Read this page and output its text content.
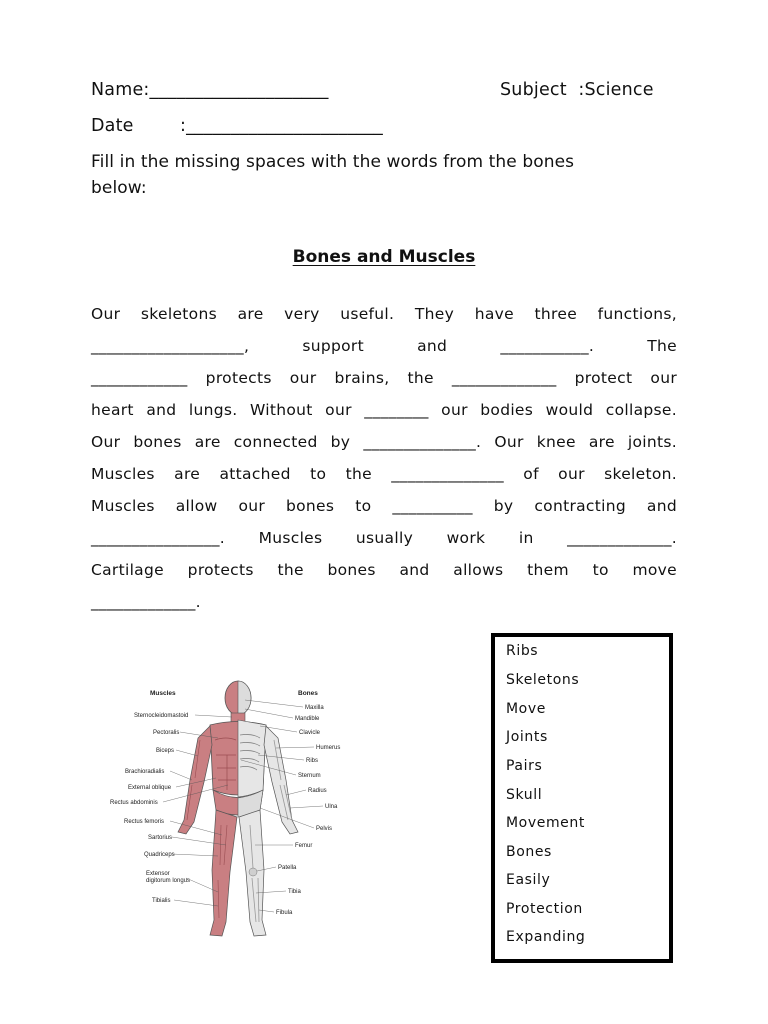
Name:____________________	Subject  :Science
Date	:______________________
Fill in the missing spaces with the words from the bones
below:
Bones and Muscles
Our skeletons are very useful. They have three functions,
___________________, support and ___________. The
____________ protects our brains, the _____________ protect our
heart and lungs. Without our ________ our bodies would collapse.
Our bones are connected by ______________. Our knee are joints.
Muscles are attached to the ______________ of our skeleton.
Muscles allow our bones to __________ by contracting and
________________. Muscles usually work in _____________.
Cartilage protects the bones and allows them to move
_____________.
Muscles	Bones
Sternocleidomastoid
Pectoralis
Biceps
Brachioradialis
External oblique
Rectus abdominis
Rectus femoris
Sartorius
Quadriceps
Extensor
digitorum longus
Tibialis
Maxilla
Mandible
Clavicle
Humerus
Ribs
Sternum
Radius
Ulna
Pelvis
Femur
Patella
Tibia
Fibula
Ribs
Skeletons
Move
Joints
Pairs
Skull
Movement
Bones
Easily
Protection
Expanding
